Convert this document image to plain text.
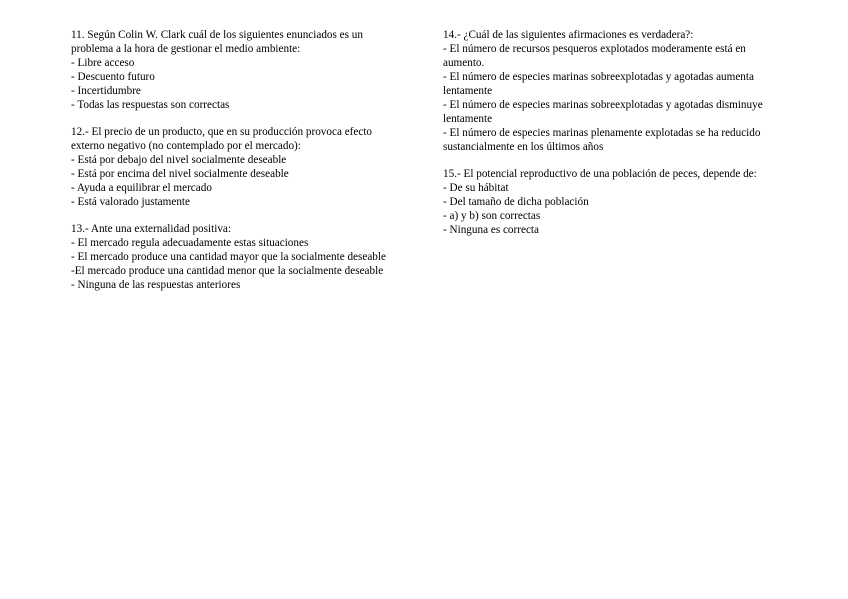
11. Según Colin W. Clark cuál de los siguientes enunciados es un problema a la hora de gestionar el medio ambiente:
- Libre acceso
- Descuento futuro
- Incertidumbre
- Todas las respuestas son correctas
12.- El precio de un producto, que en su producción provoca efecto externo negativo (no contemplado por el mercado):
- Está por debajo del nivel socialmente deseable
- Está por encima del nivel socialmente deseable
- Ayuda a equilibrar el mercado
- Está valorado justamente
13.- Ante una externalidad positiva:
- El mercado regula adecuadamente estas situaciones
- El mercado produce una cantidad mayor que la socialmente deseable
-El mercado produce una cantidad menor que la socialmente deseable
- Ninguna de las respuestas anteriores
14.- ¿Cuál de las siguientes afirmaciones es verdadera?:
- El número de recursos pesqueros explotados moderamente está en aumento.
- El número de especies marinas sobreexplotadas y agotadas aumenta lentamente
- El número de especies marinas sobreexplotadas y agotadas disminuye lentamente
- El número de especies marinas plenamente explotadas se ha reducido sustancialmente en los últimos años
15.- El potencial reproductivo de una población de peces, depende de:
- De su hábitat
- Del tamaño de dicha población
- a) y b) son correctas
- Ninguna es correcta
